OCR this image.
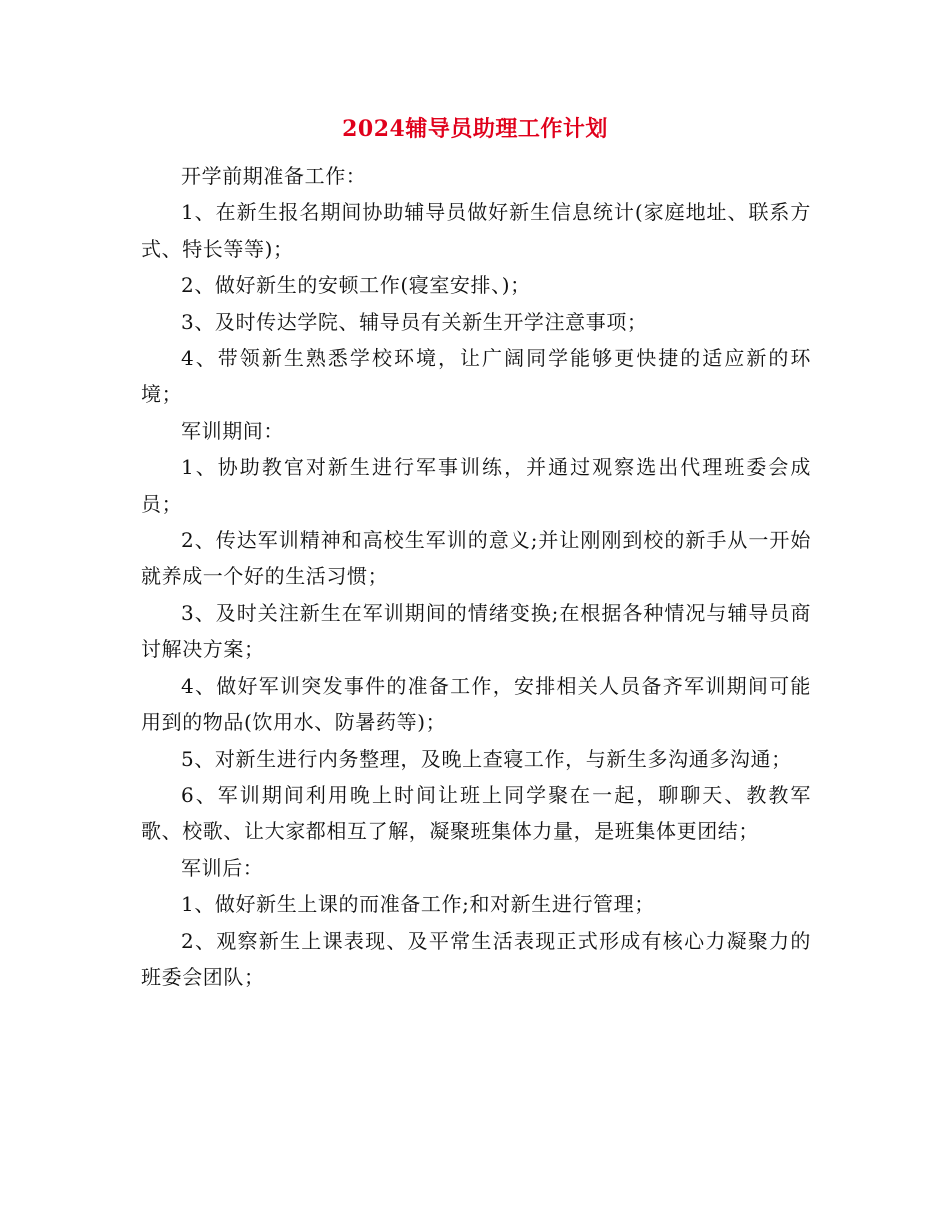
2024辅导员助理工作计划

开学前期准备工作：

1、在新生报名期间协助辅导员做好新生信息统计(家庭地址、联系方式、特长等等)；

2、做好新生的安顿工作(寝室安排、)；

3、及时传达学院、辅导员有关新生开学注意事项；

4、带领新生熟悉学校环境，让广阔同学能够更快捷的适应新的环境；

军训期间：

1、协助教官对新生进行军事训练，并通过观察选出代理班委会成员；

2、传达军训精神和高校生军训的意义;并让刚刚到校的新手从一开始就养成一个好的生活习惯；

3、及时关注新生在军训期间的情绪变换;在根据各种情况与辅导员商讨解决方案；

4、做好军训突发事件的准备工作，安排相关人员备齐军训期间可能用到的物品(饮用水、防暑药等)；

5、对新生进行内务整理，及晚上查寝工作，与新生多沟通多沟通；

6、军训期间利用晚上时间让班上同学聚在一起，聊聊天、教教军歌、校歌、让大家都相互了解，凝聚班集体力量，是班集体更团结；

军训后：

1、做好新生上课的而准备工作;和对新生进行管理；

2、观察新生上课表现、及平常生活表现正式形成有核心力凝聚力的班委会团队；
